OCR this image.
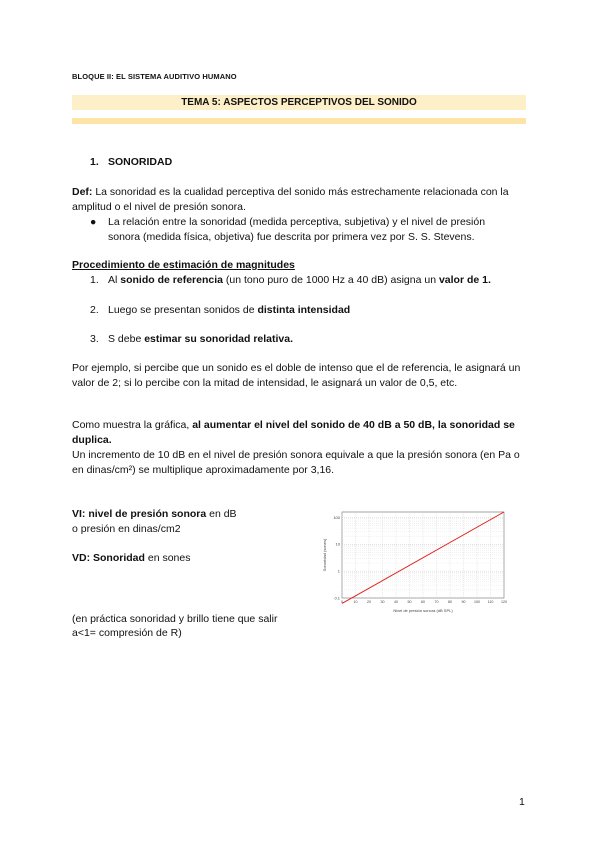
BLOQUE II: EL SISTEMA AUDITIVO HUMANO
TEMA 5: ASPECTOS PERCEPTIVOS DEL SONIDO
1. SONORIDAD
Def: La sonoridad es la cualidad perceptiva del sonido más estrechamente relacionada con la amplitud o el nivel de presión sonora.
● La relación entre la sonoridad (medida perceptiva, subjetiva) y el nivel de presión sonora (medida física, objetiva) fue descrita por primera vez por S. S. Stevens.
Procedimiento de estimación de magnitudes
1. Al sonido de referencia (un tono puro de 1000 Hz a 40 dB) asigna un valor de 1.
2. Luego se presentan sonidos de distinta intensidad
3. S debe estimar su sonoridad relativa.
Por ejemplo, si percibe que un sonido es el doble de intenso que el de referencia, le asignará un valor de 2; si lo percibe con la mitad de intensidad, le asignará un valor de 0,5, etc.
Como muestra la gráfica, al aumentar el nivel del sonido de 40 dB a 50 dB, la sonoridad se duplica.
Un incremento de 10 dB en el nivel de presión sonora equivale a que la presión sonora (en Pa o en dinas/cm²) se multiplique aproximadamente por 3,16.
VI: nivel de presión sonora en dB
o presión en dinas/cm2
VD: Sonoridad en sones
(en práctica sonoridad y brillo tiene que salir
a<1= compresión de R)
0.1
1
10
100
0	10	20	30	40	50	60	70	80	90 100 110 120
Sonoridad (sones)
Nivel de presión sonora (dB SPL)
1
